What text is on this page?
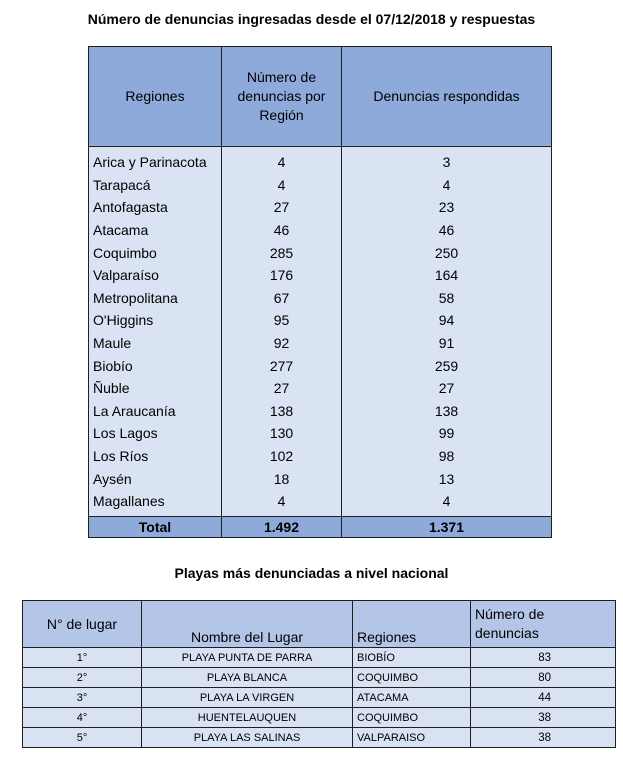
Número de denuncias ingresadas desde el 07/12/2018 y respuestas
Regiones	Número de denuncias por Región	Denuncias respondidas
Arica y Parinacota	4	3
Tarapacá	4	4
Antofagasta	27	23
Atacama	46	46
Coquimbo	285	250
Valparaíso	176	164
Metropolitana	67	58
O'Higgins	95	94
Maule	92	91
Biobío	277	259
Ñuble	27	27
La Araucanía	138	138
Los Lagos	130	99
Los Ríos	102	98
Aysén	18	13
Magallanes	4	4
Total	1.492	1.371
Playas más denunciadas a nivel nacional
N° de lugar	Nombre del Lugar	Regiones	Número de denuncias
1°	PLAYA PUNTA DE PARRA	BIOBÍO	83
2°	PLAYA BLANCA	COQUIMBO	80
3°	PLAYA LA VIRGEN	ATACAMA	44
4°	HUENTELAUQUEN	COQUIMBO	38
5°	PLAYA LAS SALINAS	VALPARAISO	38
